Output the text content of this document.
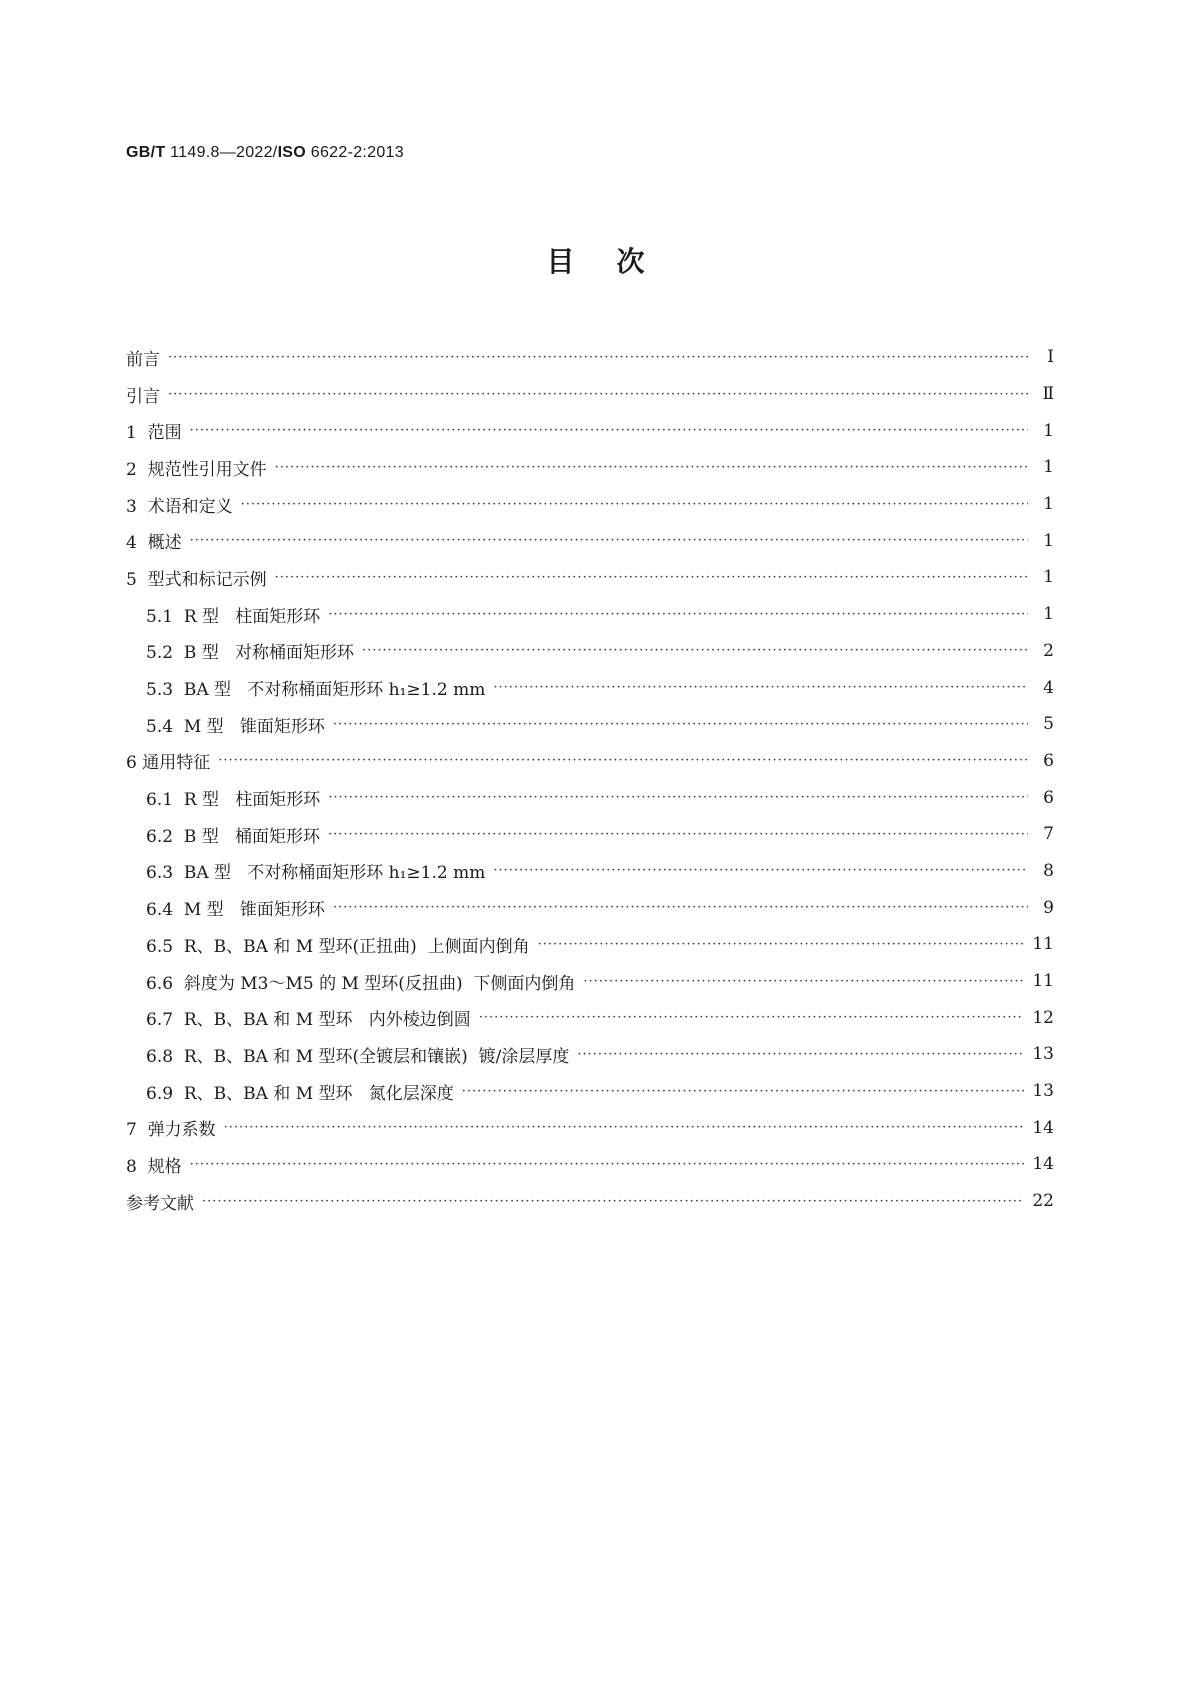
GB/T 1149.8—2022/ISO 6622-2:2013
目次
前言 ·····	Ⅰ
引言 ·····	Ⅱ
1  范围 ·····	1
2  规范性引用文件 ·····	1
3  术语和定义 ·····	1
4  概述 ·····	1
5  型式和标记示例 ·····	1
5.1  R 型   柱面矩形环 ·····	1
5.2  B 型   对称桶面矩形环 ·····	2
5.3  BA 型   不对称桶面矩形环 h₁≥1.2 mm ·····	4
5.4  M 型   锥面矩形环 ·····	5
6 通用特征 ·····	6
6.1  R 型   柱面矩形环 ·····	6
6.2  B 型   桶面矩形环 ·····	7
6.3  BA 型   不对称桶面矩形环 h₁≥1.2 mm ·····	8
6.4  M 型   锥面矩形环 ·····	9
6.5  R、B、BA 和 M 型环(正扭曲)  上侧面内倒角 ·····	11
6.6  斜度为 M3～M5 的 M 型环(反扭曲)  下侧面内倒角 ·····	11
6.7  R、B、BA 和 M 型环   内外棱边倒圆 ·····	12
6.8  R、B、BA 和 M 型环(全镀层和镶嵌)  镀/涂层厚度 ·····	13
6.9  R、B、BA 和 M 型环   氮化层深度 ·····	13
7  弹力系数 ·····	14
8  规格 ·····	14
参考文献 ·····	22
